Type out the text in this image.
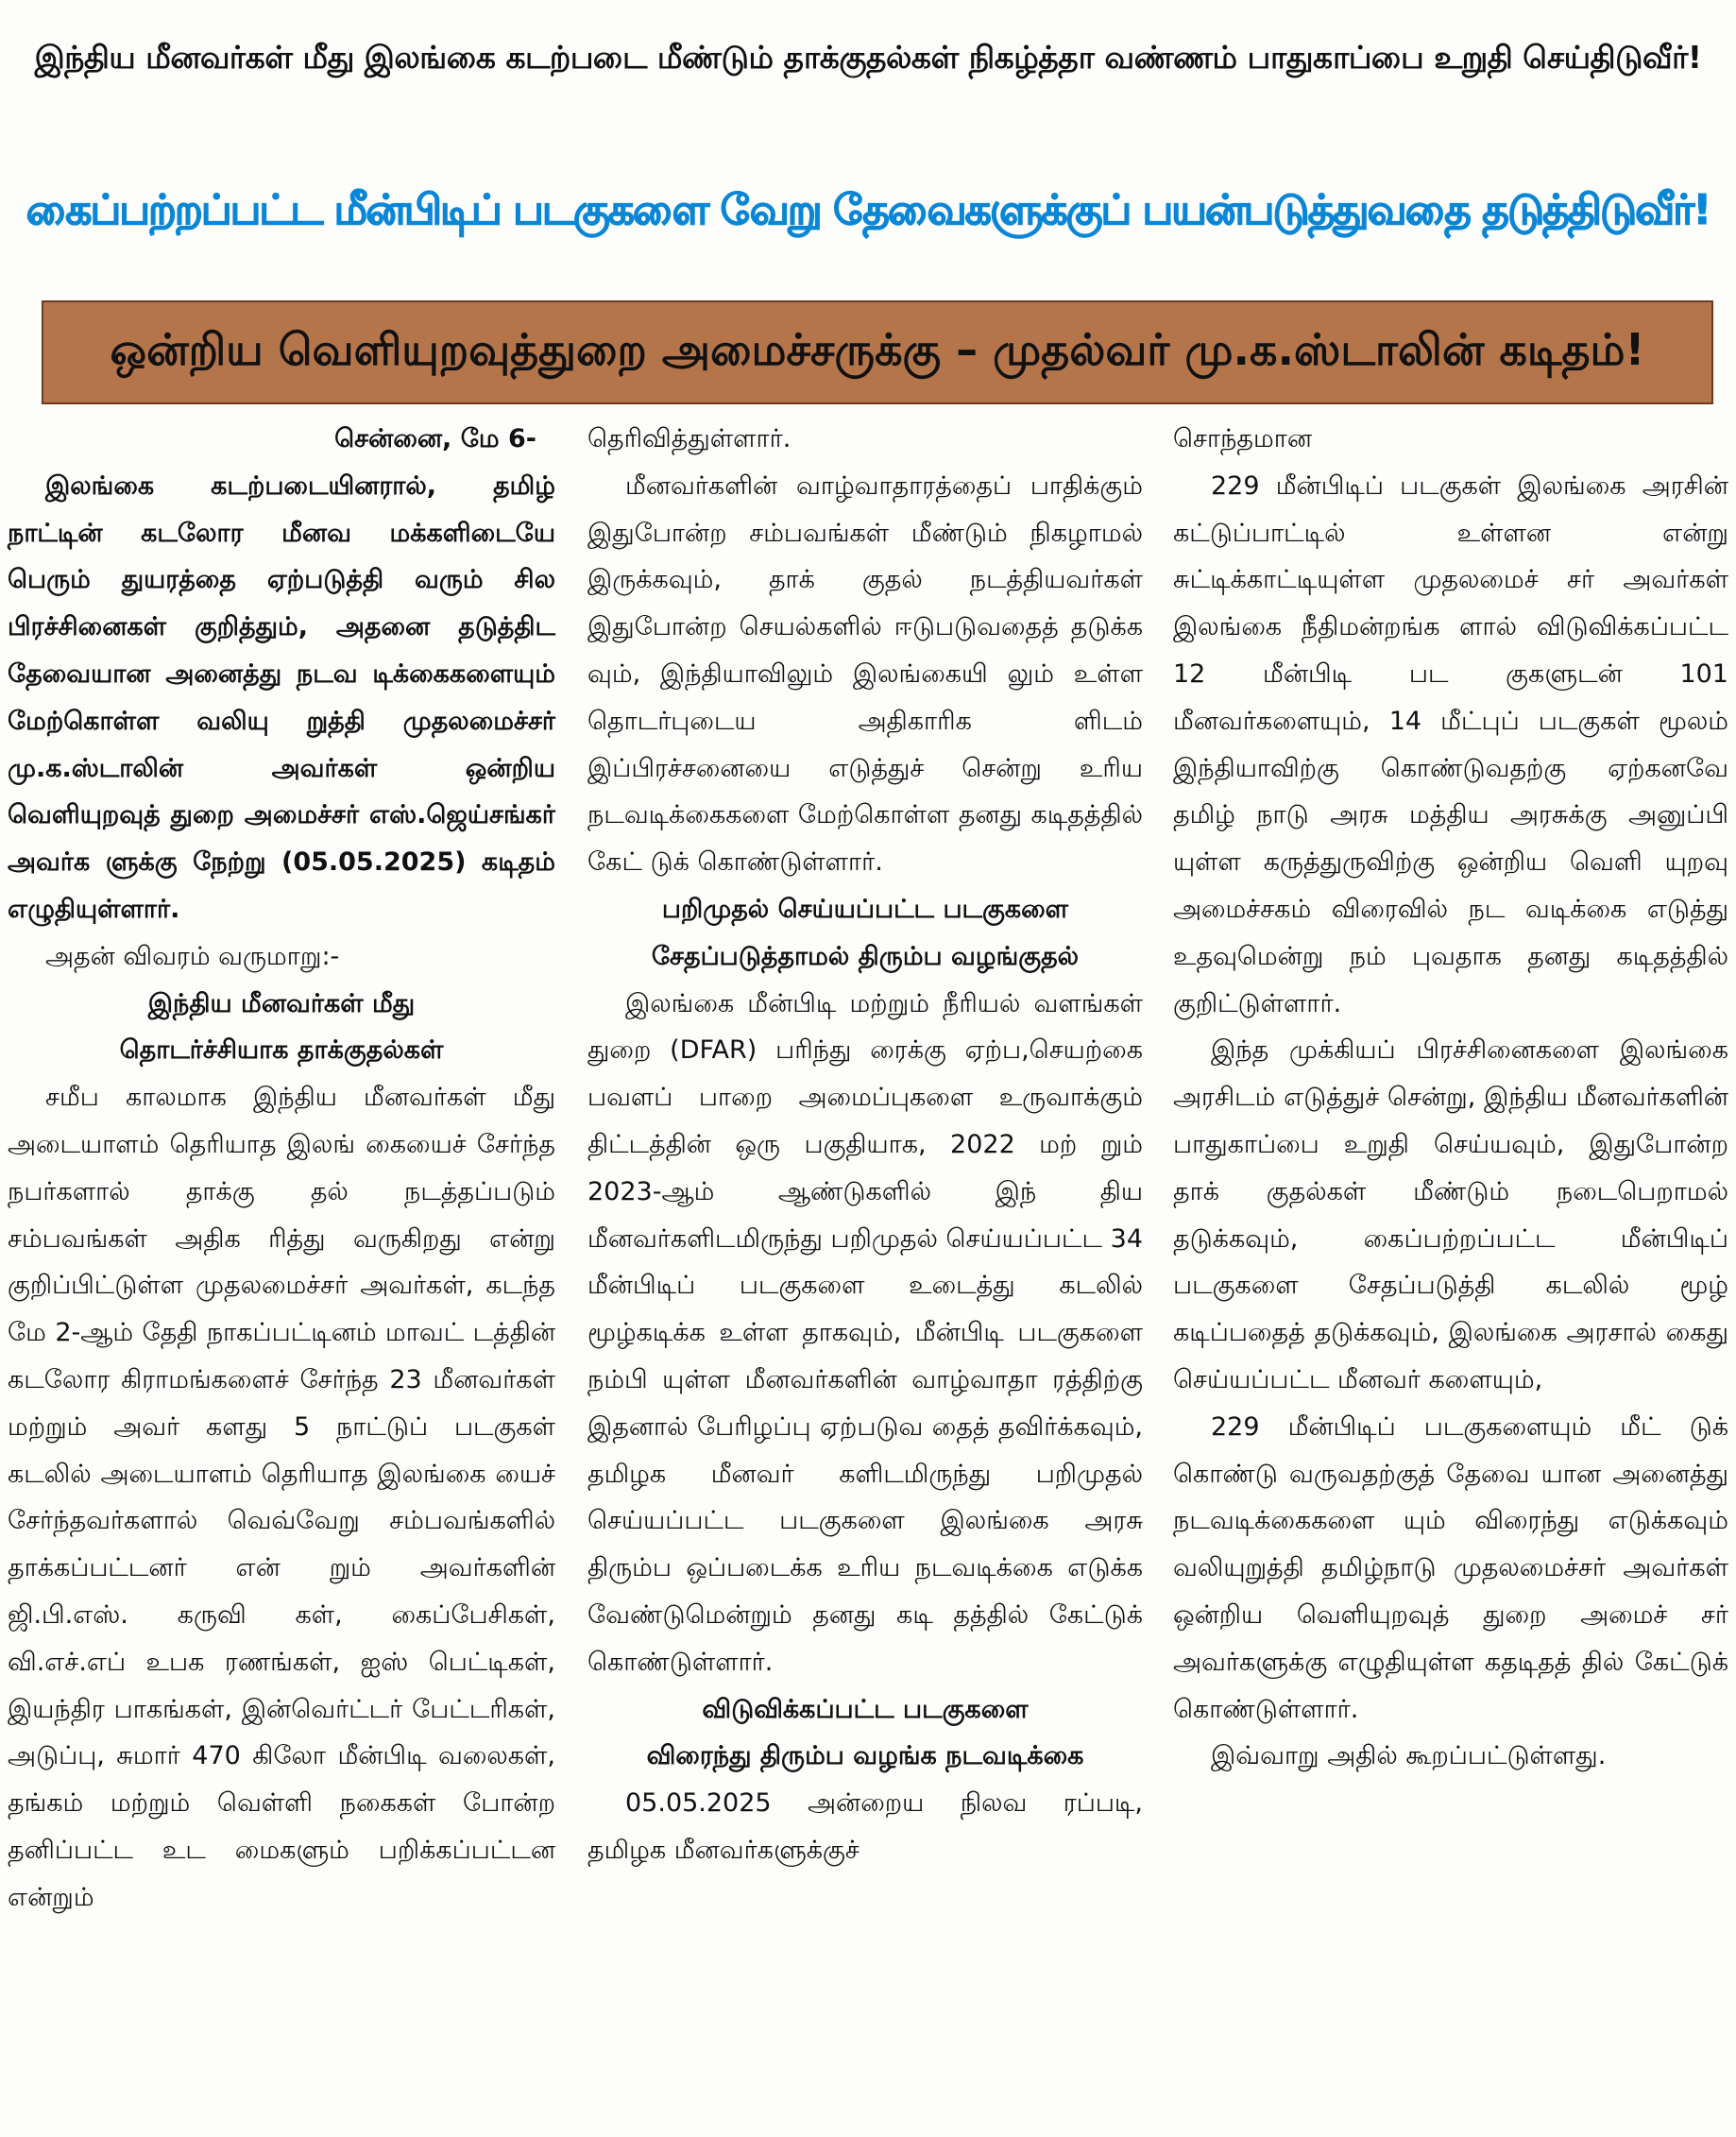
இந்திய மீனவர்கள் மீது இலங்கை கடற்படை மீண்டும் தாக்குதல்கள் நிகழ்த்தா வண்ணம் பாதுகாப்பை உறுதி செய்திடுவீர்!
கைப்பற்றப்பட்ட மீன்பிடிப் படகுகளை வேறு தேவைகளுக்குப் பயன்படுத்துவதை தடுத்திடுவீர்!
ஒன்றிய வெளியுறவுத்துறை அமைச்சருக்கு – முதல்வர் மு.க.ஸ்டாலின் கடிதம்!

சென்னை, மே 6-

இலங்கை கடற்படையினரால், தமிழ் நாட்டின் கடலோர மீனவ மக்களிடையே பெரும் துயரத்தை ஏற்படுத்தி வரும் சில பிரச்சினைகள் குறித்தும், அதனை தடுத்திட தேவையான அனைத்து நடவ டிக்கைகளையும் மேற்கொள்ள வலியு றுத்தி முதலமைச்சர் மு.க.ஸ்டாலின் அவர்கள் ஒன்றிய வெளியுறவுத் துறை அமைச்சர் எஸ்.ஜெய்சங்கர் அவர்க ளுக்கு நேற்று (05.05.2025) கடிதம் எழுதியுள்ளார்.

அதன் விவரம் வருமாறு:-

இந்திய மீனவர்கள் மீது

தொடர்ச்சியாக தாக்குதல்கள்

சமீப காலமாக இந்திய மீனவர்கள் மீது அடையாளம் தெரியாத இலங் கையைச் சேர்ந்த நபர்களால் தாக்கு தல் நடத்தப்படும் சம்பவங்கள் அதிக ரித்து வருகிறது என்று குறிப்பிட்டுள்ள முதலமைச்சர் அவர்கள், கடந்த மே 2-ஆம் தேதி நாகப்பட்டினம் மாவட் டத்தின் கடலோர கிராமங்களைச் சேர்ந்த 23 மீனவர்கள் மற்றும் அவர் களது 5 நாட்டுப் படகுகள் கடலில் அடையாளம் தெரியாத இலங்கை யைச் சேர்ந்தவர்களால் வெவ்வேறு சம்பவங்களில் தாக்கப்பட்டனர் என் றும் அவர்களின் ஜி.பி.எஸ். கருவி கள், கைப்பேசிகள், வி.எச்.எப் உபக ரணங்கள், ஐஸ் பெட்டிகள், இயந்திர பாகங்கள், இன்வெர்ட்டர் பேட்டரிகள், அடுப்பு, சுமார் 470 கிலோ மீன்பிடி வலைகள், தங்கம் மற்றும் வெள்ளி நகைகள் போன்ற தனிப்பட்ட உட மைகளும் பறிக்கப்பட்டன என்றும்

தெரிவித்துள்ளார்.

மீனவர்களின் வாழ்வாதாரத்தைப் பாதிக்கும் இதுபோன்ற சம்பவங்கள் மீண்டும் நிகழாமல் இருக்கவும், தாக் குதல் நடத்தியவர்கள் இதுபோன்ற செயல்களில் ஈடுபடுவதைத் தடுக்க வும், இந்தியாவிலும் இலங்கையி லும் உள்ள தொடர்புடைய அதிகாரிக ளிடம் இப்பிரச்சனையை எடுத்துச் சென்று உரிய நடவடிக்கைகளை மேற்கொள்ள தனது கடிதத்தில் கேட் டுக் கொண்டுள்ளார்.

பறிமுதல் செய்யப்பட்ட படகுகளை

சேதப்படுத்தாமல் திரும்ப வழங்குதல்

இலங்கை மீன்பிடி மற்றும் நீரியல் வளங்கள் துறை (DFAR) பரிந்து ரைக்கு ஏற்ப,செயற்கை பவளப் பாறை அமைப்புகளை உருவாக்கும் திட்டத்தின் ஒரு பகுதியாக, 2022 மற் றும் 2023-ஆம் ஆண்டுகளில் இந் திய மீனவர்களிடமிருந்து பறிமுதல் செய்யப்பட்ட 34 மீன்பிடிப் படகுகளை உடைத்து கடலில் மூழ்கடிக்க உள்ள தாகவும், மீன்பிடி படகுகளை நம்பி யுள்ள மீனவர்களின் வாழ்வாதா ரத்திற்கு இதனால் பேரிழப்பு ஏற்படுவ தைத் தவிர்க்கவும், தமிழக மீனவர் களிடமிருந்து பறிமுதல் செய்யப்பட்ட படகுகளை இலங்கை அரசு திரும்ப ஒப்படைக்க உரிய நடவடிக்கை எடுக்க வேண்டுமென்றும் தனது கடி தத்தில் கேட்டுக் கொண்டுள்ளார்.

விடுவிக்கப்பட்ட படகுகளை

விரைந்து திரும்ப வழங்க நடவடிக்கை

05.05.2025 அன்றைய நிலவ ரப்படி, தமிழக மீனவர்களுக்குச்

சொந்தமான

229 மீன்பிடிப் படகுகள் இலங்கை அரசின் கட்டுப்பாட்டில் உள்ளன என்று சுட்டிக்காட்டியுள்ள முதலமைச் சர் அவர்கள் இலங்கை நீதிமன்றங்க ளால் விடுவிக்கப்பட்ட 12 மீன்பிடி பட குகளுடன் 101 மீனவர்களையும், 14 மீட்புப் படகுகள் மூலம் இந்தியாவிற்கு கொண்டுவதற்கு ஏற்கனவே தமிழ் நாடு அரசு மத்திய அரசுக்கு அனுப்பி யுள்ள கருத்துருவிற்கு ஒன்றிய வெளி யுறவு அமைச்சகம் விரைவில் நட வடிக்கை எடுத்து உதவுமென்று நம் புவதாக தனது கடிதத்தில் குறிட்டுள்ளார்.

இந்த முக்கியப் பிரச்சினைகளை இலங்கை அரசிடம் எடுத்துச் சென்று, இந்திய மீனவர்களின் பாதுகாப்பை உறுதி செய்யவும், இதுபோன்ற தாக் குதல்கள் மீண்டும் நடைபெறாமல் தடுக்கவும், கைப்பற்றப்பட்ட மீன்பிடிப் படகுகளை சேதப்படுத்தி கடலில் மூழ் கடிப்பதைத் தடுக்கவும், இலங்கை அரசால் கைது செய்யப்பட்ட மீனவர் களையும்,

229 மீன்பிடிப் படகுகளையும் மீட் டுக் கொண்டு வருவதற்குத் தேவை யான அனைத்து நடவடிக்கைகளை யும் விரைந்து எடுக்கவும் வலியுறுத்தி தமிழ்நாடு முதலமைச்சர் அவர்கள் ஒன்றிய வெளியுறவுத் துறை அமைச் சர் அவர்களுக்கு எழுதியுள்ள கதடிதத் தில் கேட்டுக் கொண்டுள்ளார்.

இவ்வாறு அதில் கூறப்பட்டுள்ளது.
